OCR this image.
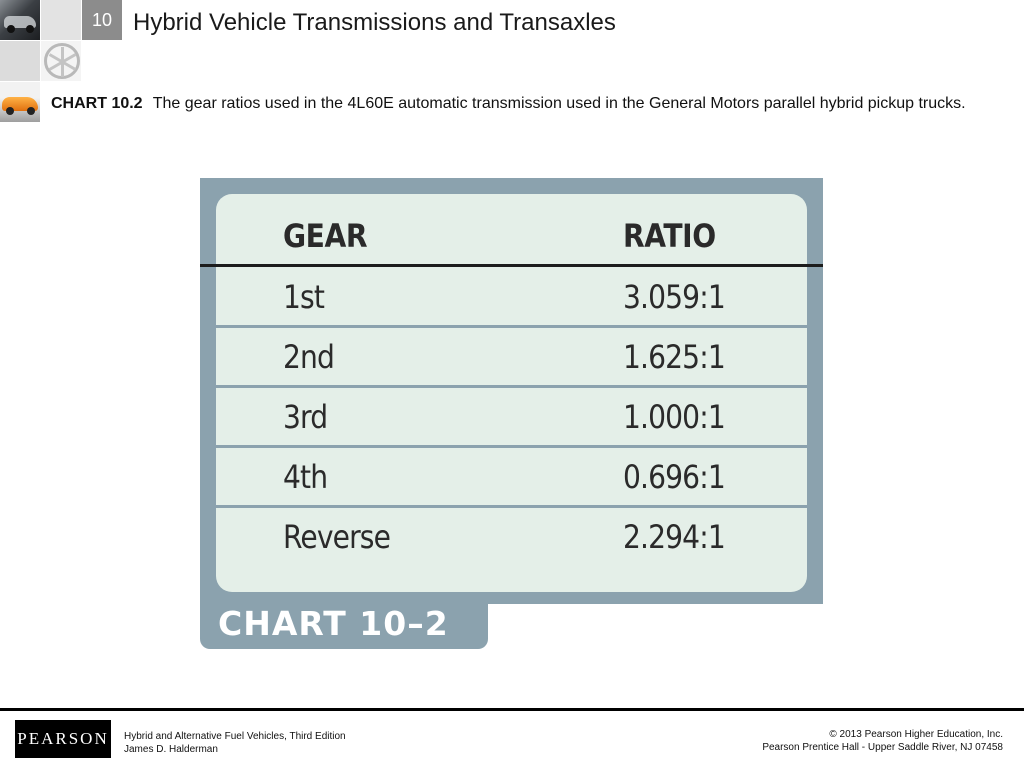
10 Hybrid Vehicle Transmissions and Transaxles
CHART 10.2 The gear ratios used in the 4L60E automatic transmission used in the General Motors parallel hybrid pickup trucks.
CHART 10–2
GEAR	RATIO
1st	3.059:1
2nd	1.625:1
3rd	1.000:1
4th	0.696:1
Reverse	2.294:1
PEARSON Hybrid and Alternative Fuel Vehicles, Third Edition
James D. Halderman
© 2013 Pearson Higher Education, Inc.
Pearson Prentice Hall - Upper Saddle River, NJ 07458
